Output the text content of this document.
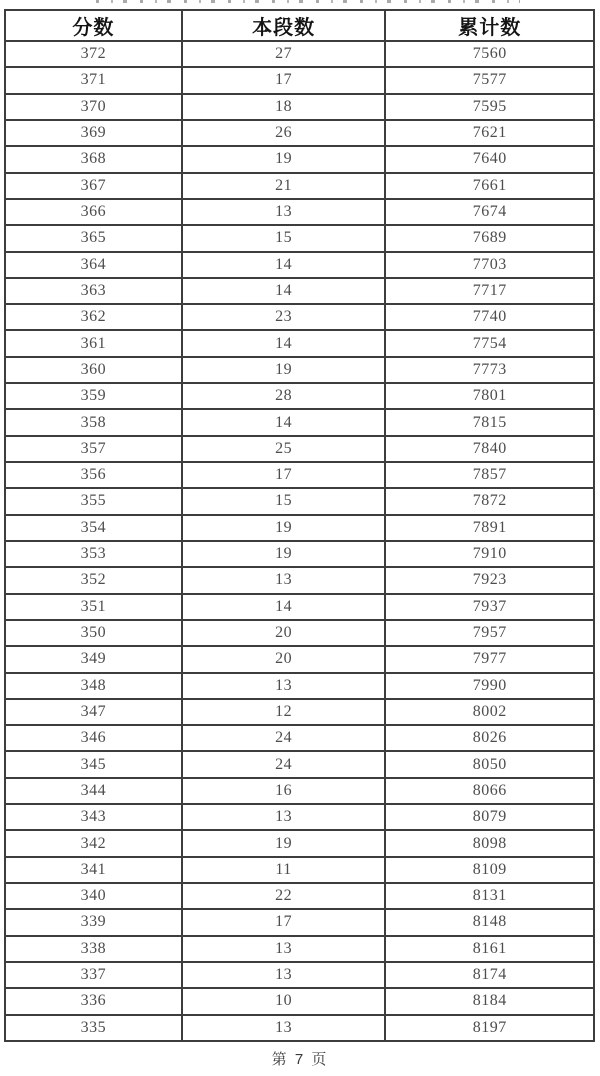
分数	本段数	累计数
372	27	7560
371	17	7577
370	18	7595
369	26	7621
368	19	7640
367	21	7661
366	13	7674
365	15	7689
364	14	7703
363	14	7717
362	23	7740
361	14	7754
360	19	7773
359	28	7801
358	14	7815
357	25	7840
356	17	7857
355	15	7872
354	19	7891
353	19	7910
352	13	7923
351	14	7937
350	20	7957
349	20	7977
348	13	7990
347	12	8002
346	24	8026
345	24	8050
344	16	8066
343	13	8079
342	19	8098
341	11	8109
340	22	8131
339	17	8148
338	13	8161
337	13	8174
336	10	8184
335	13	8197
第 7 页
